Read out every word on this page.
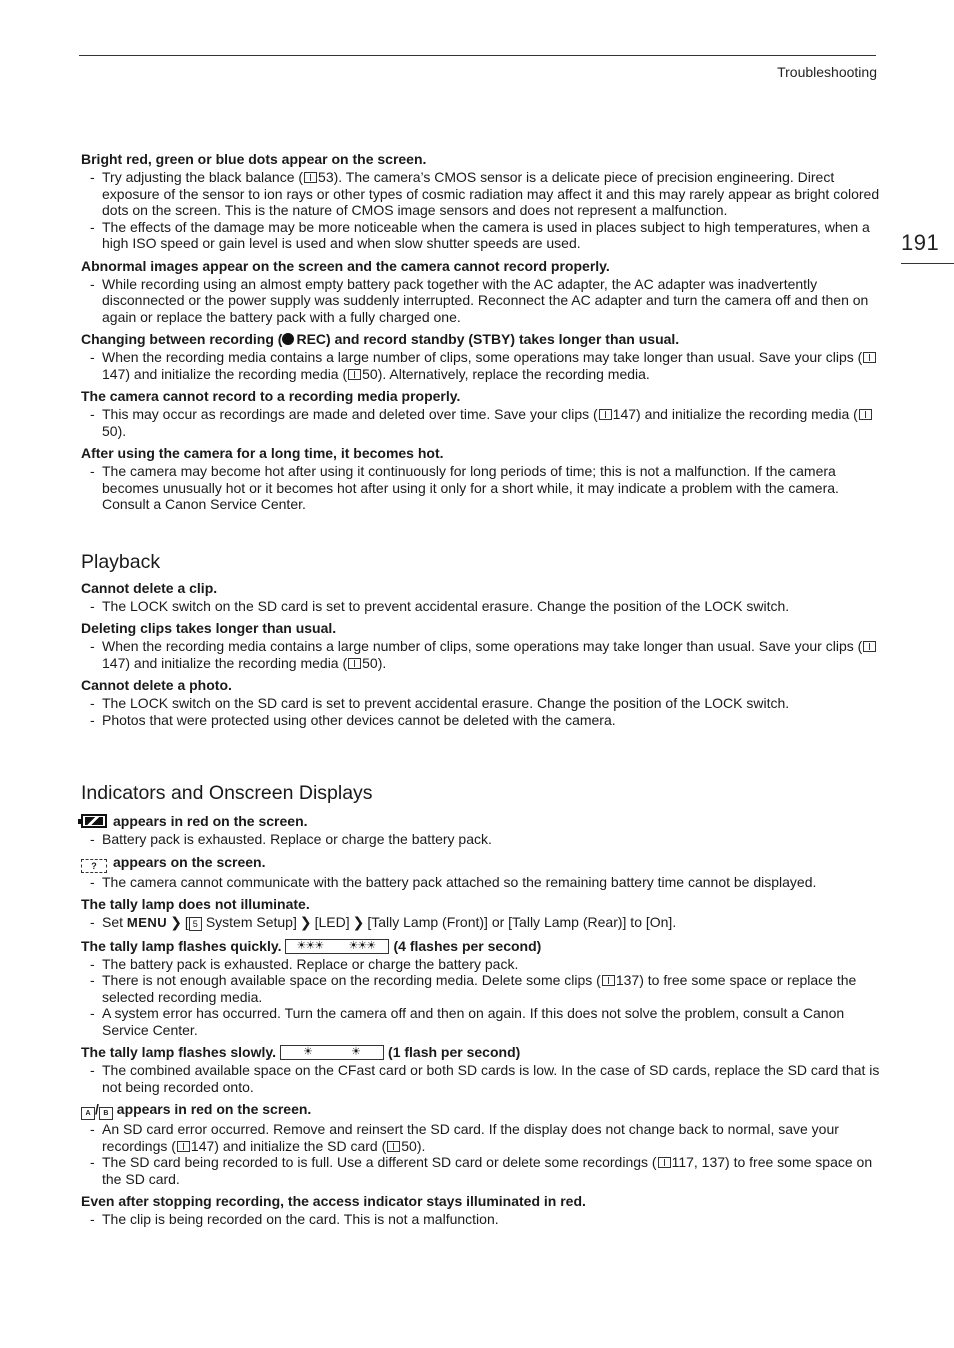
Troubleshooting
191
Bright red, green or blue dots appear on the screen.
- Try adjusting the black balance ( 53). The camera’s CMOS sensor is a delicate piece of precision engineering. Direct exposure of the sensor to ion rays or other types of cosmic radiation may affect it and this may rarely appear as bright colored dots on the screen. This is the nature of CMOS image sensors and does not represent a malfunction.
- The effects of the damage may be more noticeable when the camera is used in places subject to high temperatures, when a high ISO speed or gain level is used and when slow shutter speeds are used.
Abnormal images appear on the screen and the camera cannot record properly.
- While recording using an almost empty battery pack together with the AC adapter, the AC adapter was inadvertently disconnected or the power supply was suddenly interrupted. Reconnect the AC adapter and turn the camera off and then on again or replace the battery pack with a fully charged one.
Changing between recording ( REC) and record standby (STBY) takes longer than usual.
- When the recording media contains a large number of clips, some operations may take longer than usual. Save your clips (147) and initialize the recording media ( 50). Alternatively, replace the recording media.
The camera cannot record to a recording media properly.
- This may occur as recordings are made and deleted over time. Save your clips ( 147) and initialize the recording media (50).
After using the camera for a long time, it becomes hot.
- The camera may become hot after using it continuously for long periods of time; this is not a malfunction. If the camera becomes unusually hot or it becomes hot after using it only for a short while, it may indicate a problem with the camera. Consult a Canon Service Center.
Playback
Cannot delete a clip.
- The LOCK switch on the SD card is set to prevent accidental erasure. Change the position of the LOCK switch.
Deleting clips takes longer than usual.
- When the recording media contains a large number of clips, some operations may take longer than usual. Save your clips (147) and initialize the recording media ( 50).
Cannot delete a photo.
- The LOCK switch on the SD card is set to prevent accidental erasure. Change the position of the LOCK switch.
- Photos that were protected using other devices cannot be deleted with the camera.
Indicators and Onscreen Displays
appears in red on the screen.
- Battery pack is exhausted. Replace or charge the battery pack.
? appears on the screen.
- The camera cannot communicate with the battery pack attached so the remaining battery time cannot be displayed.
The tally lamp does not illuminate.
- Set MENU ❯ [ 5 System Setup] ❯ [LED] ❯ [Tally Lamp (Front)] or [Tally Lamp (Rear)] to [On].
The tally lamp flashes quickly. ☀☀☀ ☀☀☀ (4 flashes per second)
- The battery pack is exhausted. Replace or charge the battery pack.
- There is not enough available space on the recording media. Delete some clips ( 137) to free some space or replace the selected recording media.
- A system error has occurred. Turn the camera off and then on again. If this does not solve the problem, consult a Canon Service Center.
The tally lamp flashes slowly. ☀	☀ (1 flash per second)
- The combined available space on the CFast card or both SD cards is low. In the case of SD cards, replace the SD card that is not being recorded onto.
A / B appears in red on the screen.
- An SD card error occurred. Remove and reinsert the SD card. If the display does not change back to normal, save your recordings ( 147) and initialize the SD card ( 50).
- The SD card being recorded to is full. Use a different SD card or delete some recordings ( 117, 137) to free some space on the SD card.
Even after stopping recording, the access indicator stays illuminated in red.
- The clip is being recorded on the card. This is not a malfunction.
